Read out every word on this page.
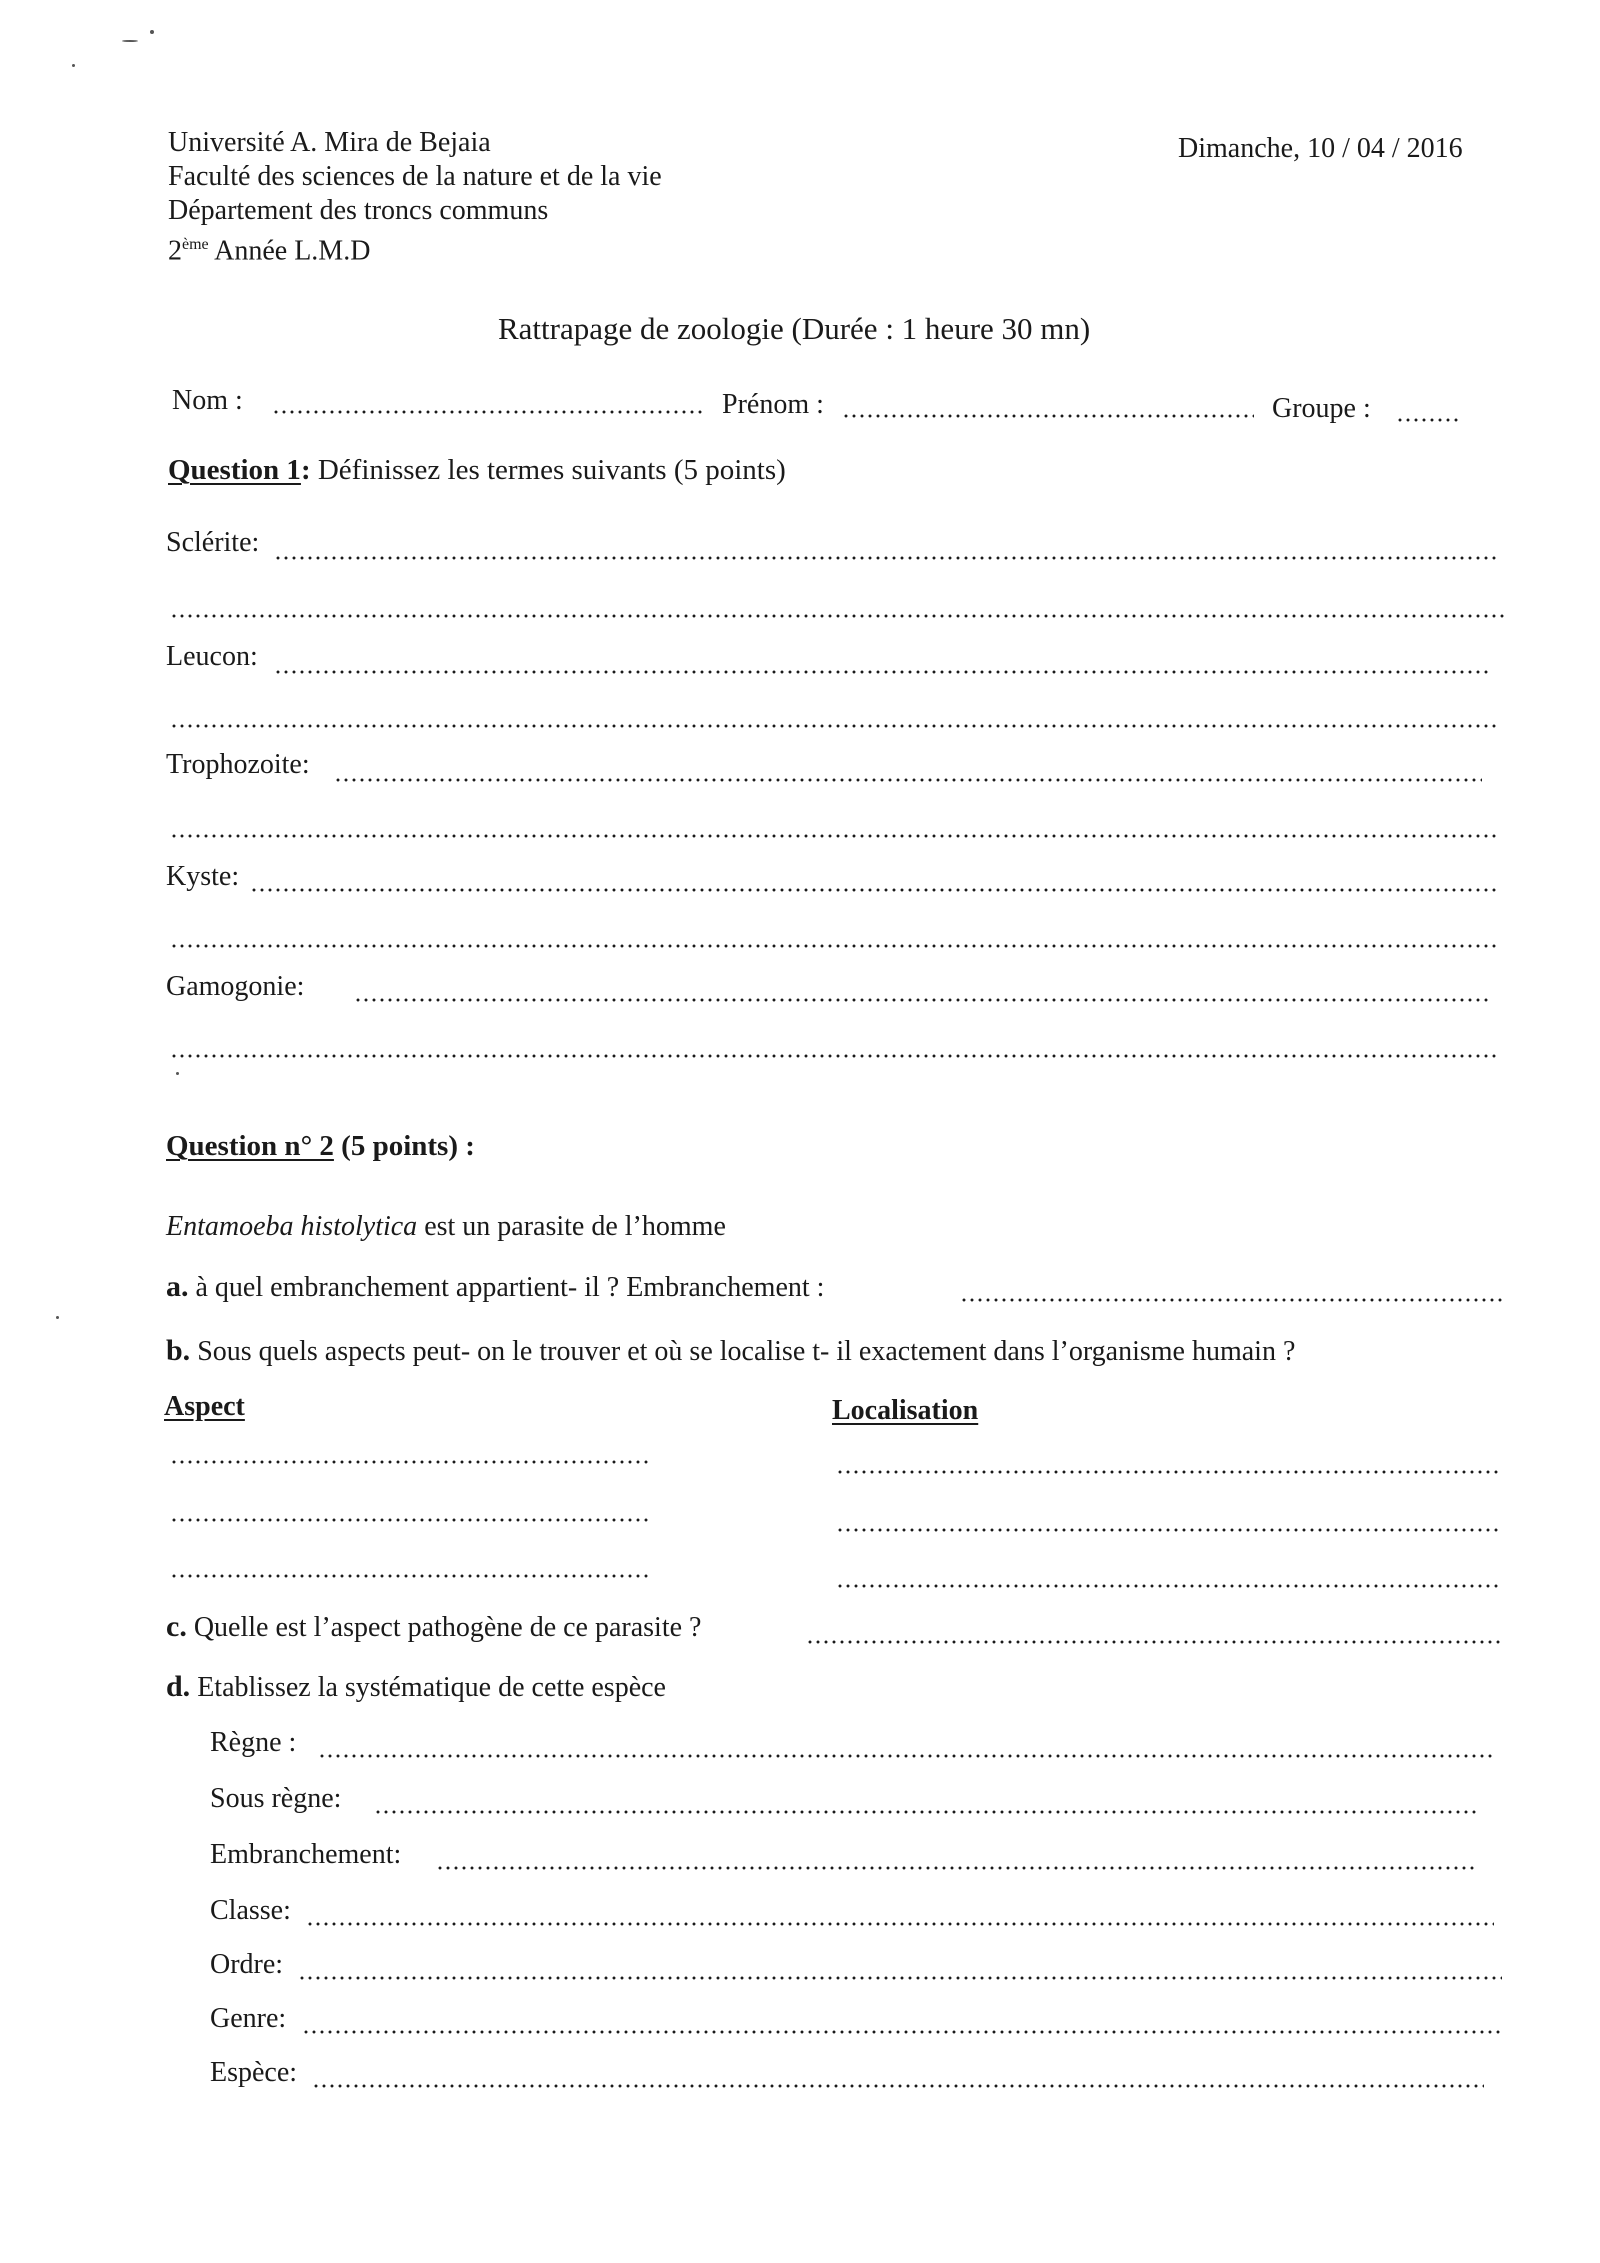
Université A. Mira de Bejaia
Faculté des sciences de la nature et de la vie
Département des troncs communs
2ème Année L.M.D
Dimanche, 10 / 04 / 2016
Rattrapage de zoologie (Durée : 1 heure 30 mn)
Nom :	Prénom :	Groupe :
Question 1: Définissez les termes suivants (5 points)
Sclérite:
Leucon:
Trophozoite:
Kyste:
Gamogonie:
Question n° 2 (5 points) :
Entamoeba histolytica est un parasite de l’homme
a. à quel embranchement appartient- il ? Embranchement :
b. Sous quels aspects peut- on le trouver et où se localise t- il exactement dans l’organisme humain ?
Aspect	Localisation
c. Quelle est l’aspect pathogène de ce parasite ?
d. Etablissez la systématique de cette espèce
Règne :
Sous règne:
Embranchement:
Classe:
Ordre:
Genre:
Espèce:
